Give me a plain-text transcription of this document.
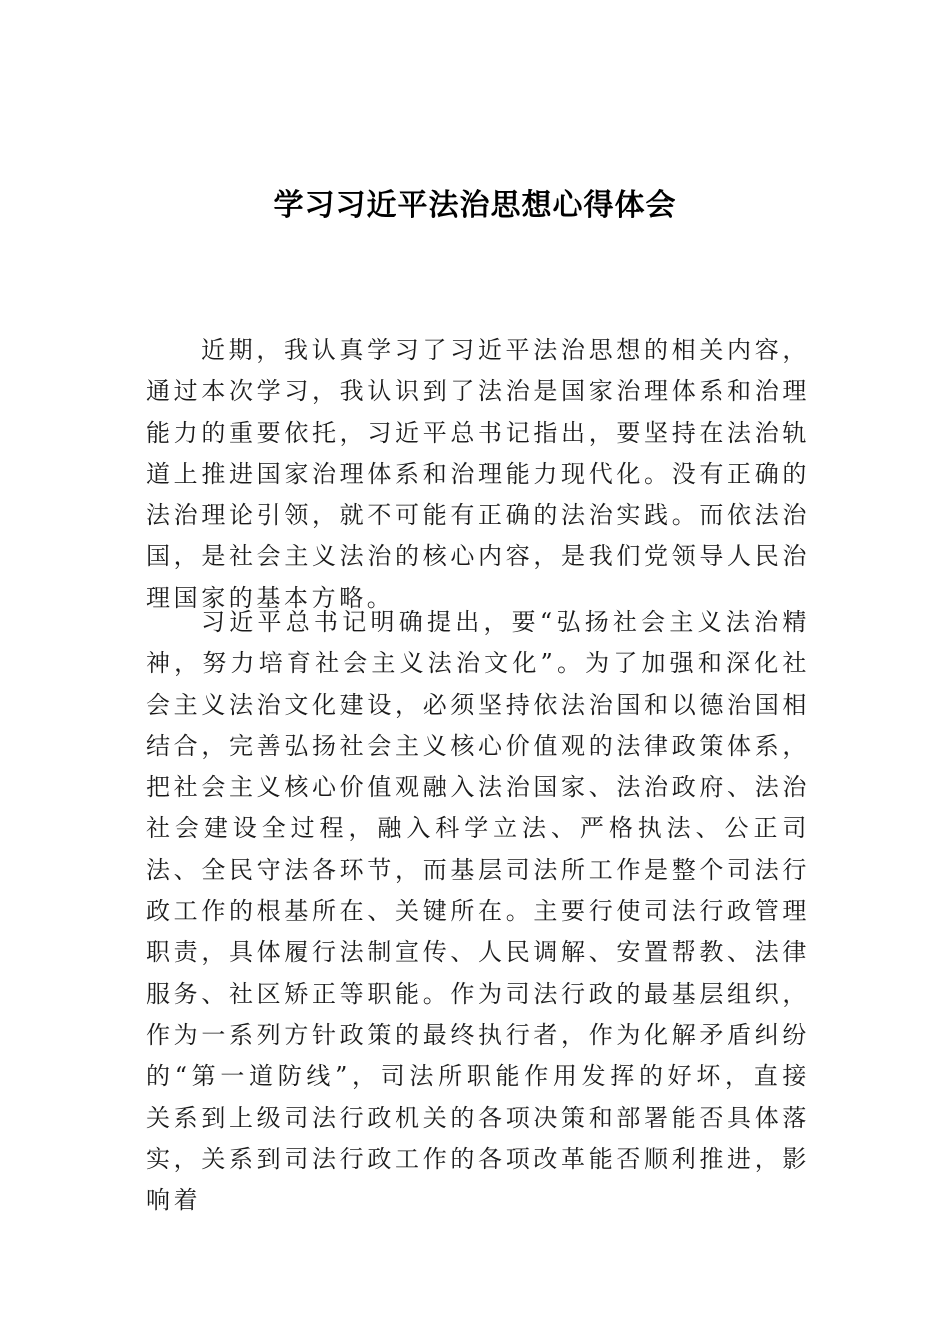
学习习近平法治思想心得体会

近期，我认真学习了习近平法治思想的相关内容，通过本次学习，我认识到了法治是国家治理体系和治理能力的重要依托，习近平总书记指出，要坚持在法治轨道上推进国家治理体系和治理能力现代化。没有正确的法治理论引领，就不可能有正确的法治实践。而依法治国，是社会主义法治的核心内容，是我们党领导人民治理国家的基本方略。

习近平总书记明确提出，要“弘扬社会主义法治精神，努力培育社会主义法治文化”。为了加强和深化社会主义法治文化建设，必须坚持依法治国和以德治国相结合，完善弘扬社会主义核心价值观的法律政策体系，把社会主义核心价值观融入法治国家、法治政府、法治社会建设全过程，融入科学立法、严格执法、公正司法、全民守法各环节，而基层司法所工作是整个司法行政工作的根基所在、关键所在。主要行使司法行政管理职责，具体履行法制宣传、人民调解、安置帮教、法律服务、社区矫正等职能。作为司法行政的最基层组织，作为一系列方针政策的最终执行者，作为化解矛盾纠纷的“第一道防线”，司法所职能作用发挥的好坏，直接关系到上级司法行政机关的各项决策和部署能否具体落实，关系到司法行政工作的各项改革能否顺利推进，影响着
